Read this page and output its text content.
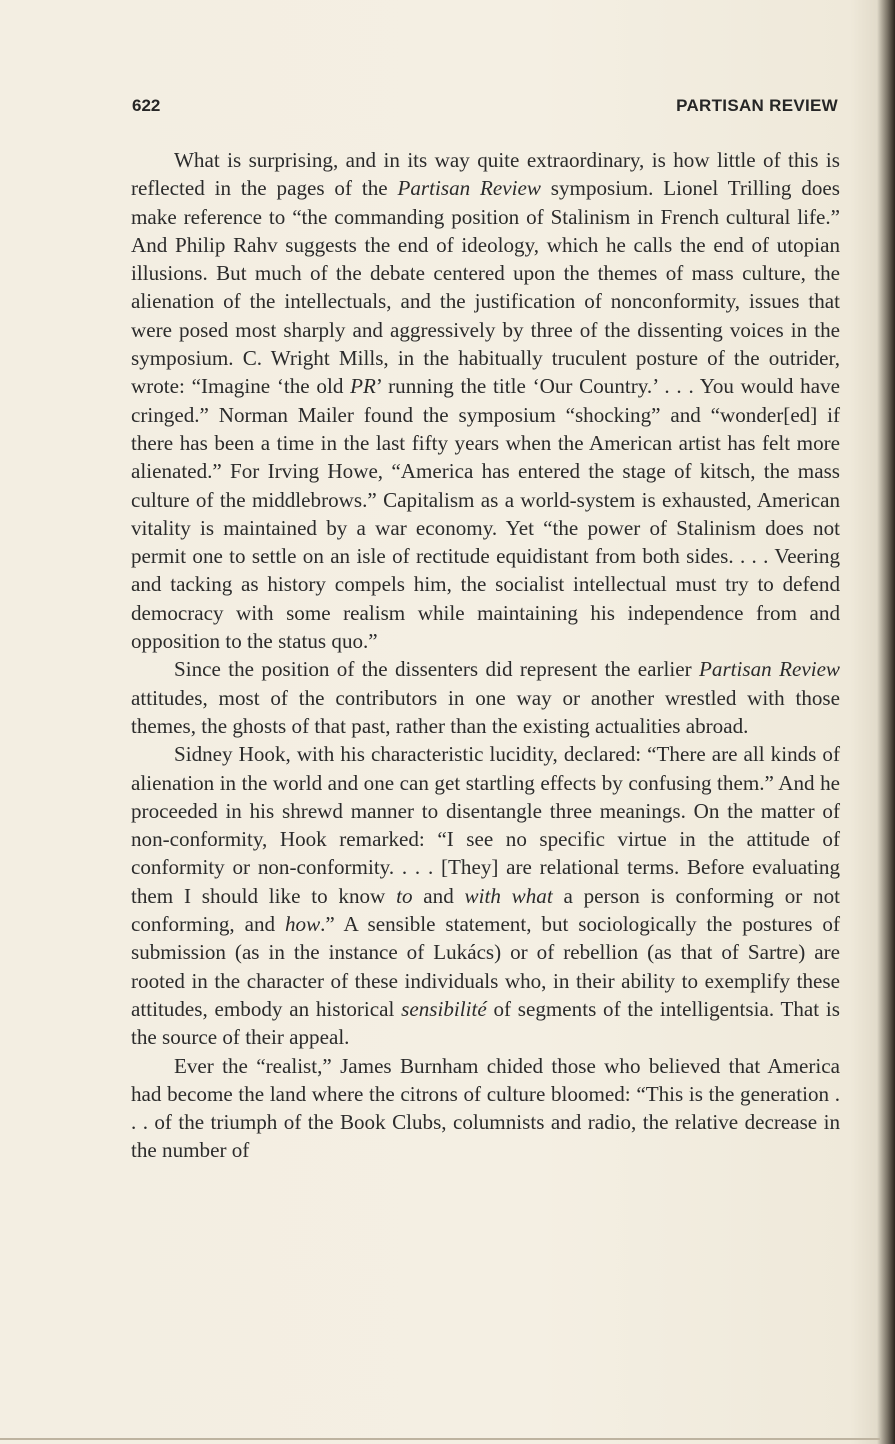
622	PARTISAN REVIEW

What is surprising, and in its way quite extraordinary, is how little of this is reflected in the pages of the Partisan Review symposium. Lionel Trilling does make reference to “the commanding position of Stalinism in French cultural life.” And Philip Rahv suggests the end of ideology, which he calls the end of utopian illusions. But much of the debate centered upon the themes of mass culture, the alienation of the intellectuals, and the justification of nonconformity, issues that were posed most sharply and aggressively by three of the dissenting voices in the symposium. C. Wright Mills, in the habitually truculent posture of the outrider, wrote: “Imagine ‘the old PR’ running the title ‘Our Country.’ . . . You would have cringed.” Norman Mailer found the symposium “shocking” and “wonder[ed] if there has been a time in the last fifty years when the American artist has felt more alienated.” For Irving Howe, “America has entered the stage of kitsch, the mass culture of the middlebrows.” Capitalism as a world-system is exhausted, American vitality is maintained by a war economy. Yet “the power of Stalinism does not permit one to settle on an isle of rectitude equidistant from both sides. . . . Veering and tacking as history compels him, the socialist intellectual must try to defend democracy with some realism while maintaining his independence from and opposition to the status quo.”

Since the position of the dissenters did represent the earlier Partisan Review attitudes, most of the contributors in one way or another wrestled with those themes, the ghosts of that past, rather than the existing actualities abroad.

Sidney Hook, with his characteristic lucidity, declared: “There are all kinds of alienation in the world and one can get startling effects by confusing them.” And he proceeded in his shrewd manner to disentangle three meanings. On the matter of non-conformity, Hook remarked: “I see no specific virtue in the attitude of conformity or non-conformity. . . . [They] are relational terms. Before evaluating them I should like to know to and with what a person is conforming or not conforming, and how.” A sensible statement, but sociologically the postures of submission (as in the instance of Lukács) or of rebellion (as that of Sartre) are rooted in the character of these individuals who, in their ability to exemplify these attitudes, embody an historical sensibilité of segments of the intelligentsia. That is the source of their appeal.

Ever the “realist,” James Burnham chided those who believed that America had become the land where the citrons of culture bloomed: “This is the generation . . . of the triumph of the Book Clubs, columnists and radio, the relative decrease in the number of
